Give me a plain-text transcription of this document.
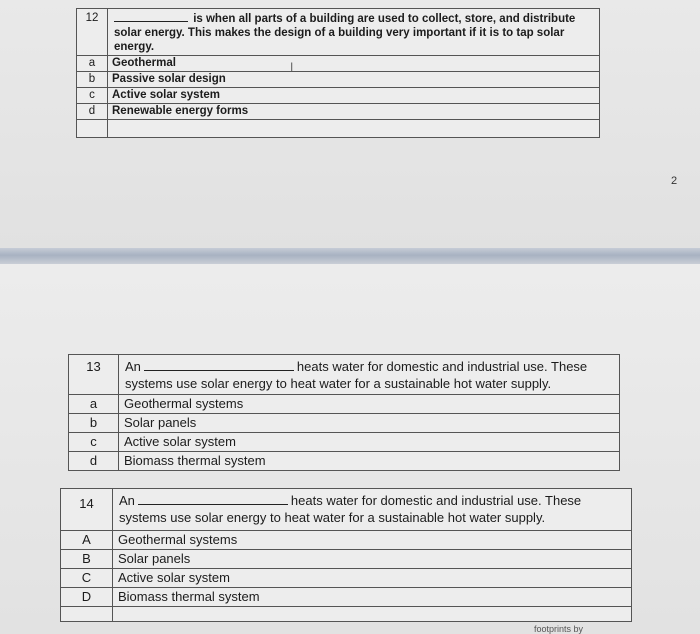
12	is when all parts of a building are used to collect, store, and distribute solar energy. This makes the design of a building very important if it is to tap solar energy.
a	Geothermal
b	Passive solar design
c	Active solar system
d	Renewable energy forms

I
2
13	An heats water for domestic and industrial use. These systems use solar energy to heat water for a sustainable hot water supply.
a	Geothermal systems
b	Solar panels
c	Active solar system
d	Biomass thermal system
14	An heats water for domestic and industrial use. These systems use solar energy to heat water for a sustainable hot water supply.
A	Geothermal systems
B	Solar panels
C	Active solar system
D	Biomass thermal system

footprints by
